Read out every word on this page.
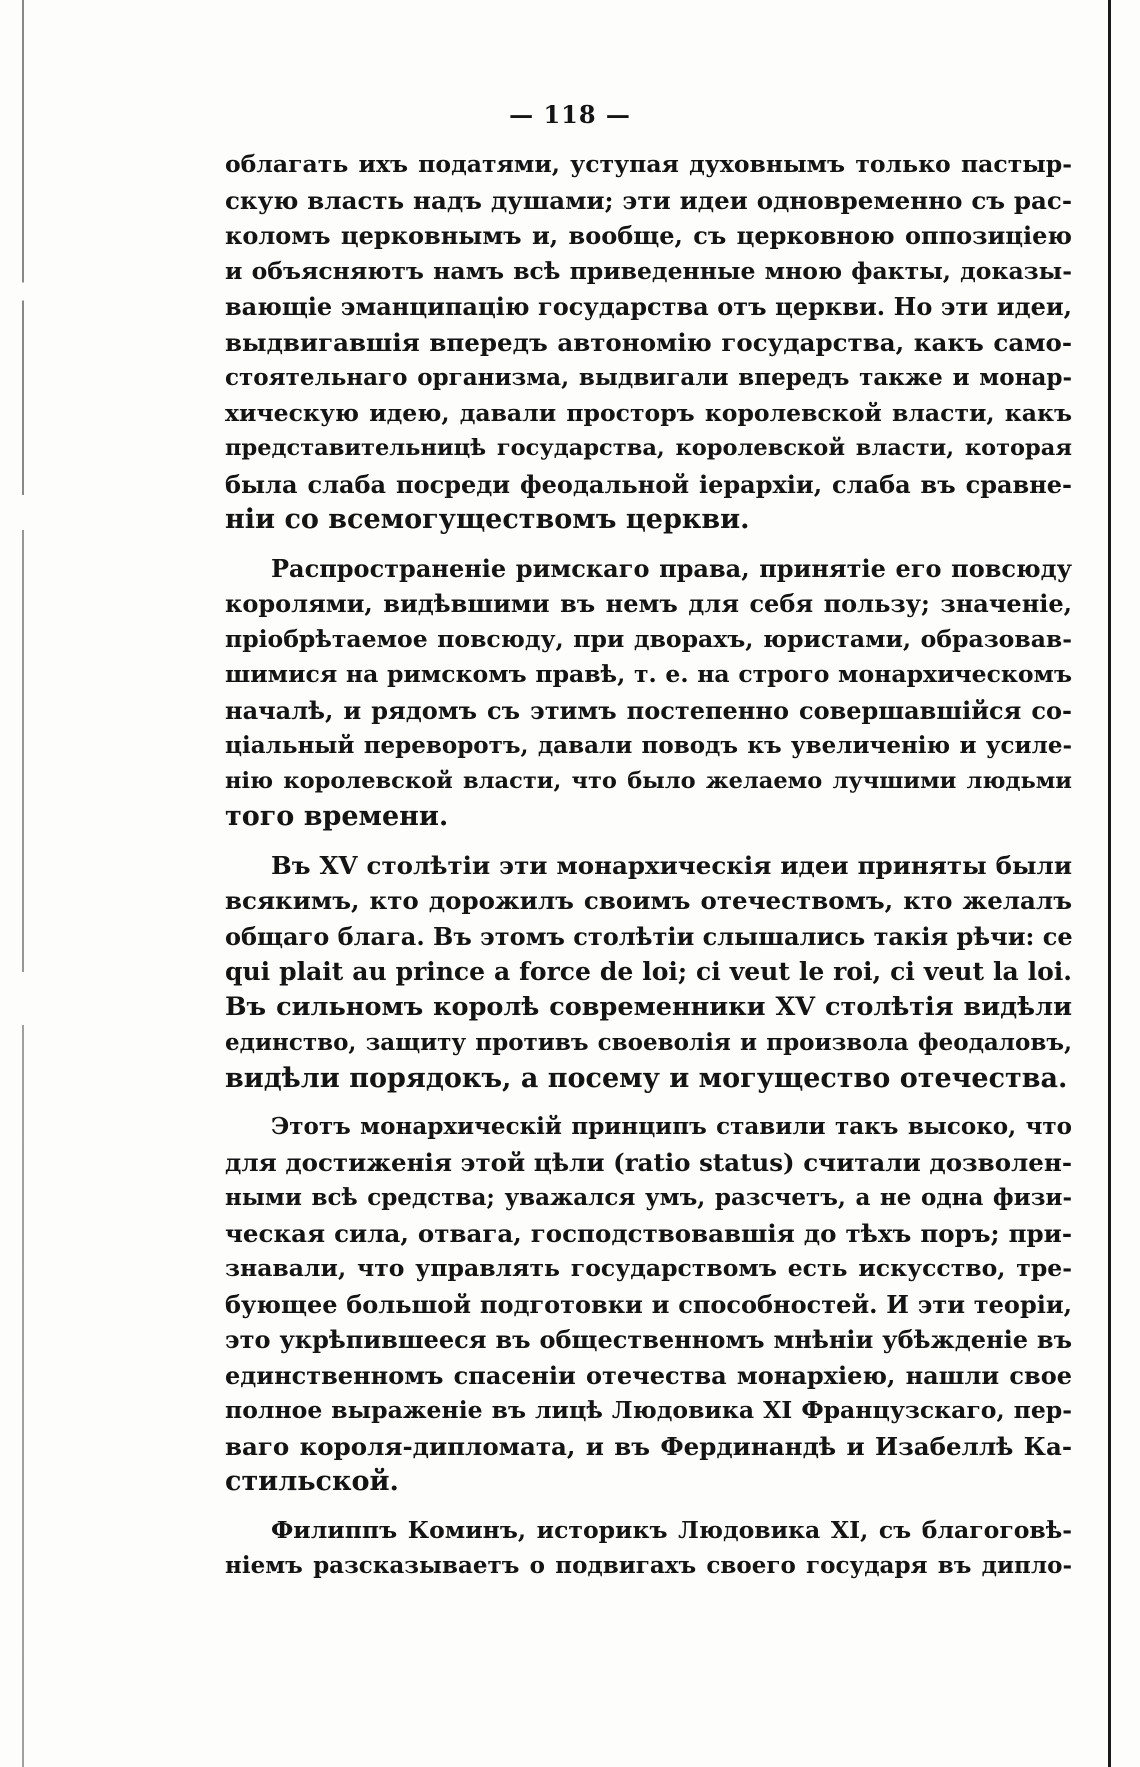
— 118 —
облагать ихъ податями, уступая духовнымъ только пастыр-
скую власть надъ душами; эти идеи одновременно съ рас-
коломъ церковнымъ и, вообще, съ церковною оппозиціею
и объясняютъ намъ всѣ приведенные мною факты, доказы-
вающіе эманципацію государства отъ церкви. Но эти идеи,
выдвигавшія впередъ автономію государства, какъ само-
стоятельнаго организма, выдвигали впередъ также и монар-
хическую идею, давали просторъ королевской власти, какъ
представительницѣ государства, королевской власти, которая
была слаба посреди феодальной іерархіи, слаба въ сравне-
ніи со всемогуществомъ церкви.
Распространеніе римскаго права, принятіе его повсюду
королями, видѣвшими въ немъ для себя пользу; значеніе,
пріобрѣтаемое повсюду, при дворахъ, юристами, образовав-
шимися на римскомъ правѣ, т. е. на строго монархическомъ
началѣ, и рядомъ съ этимъ постепенно совершавшійся со-
ціальный переворотъ, давали поводъ къ увеличенію и усиле-
нію королевской власти, что было желаемо лучшими людьми
того времени.
Въ XV столѣтіи эти монархическія идеи приняты были
всякимъ, кто дорожилъ своимъ отечествомъ, кто желалъ
общаго блага. Въ этомъ столѣтіи слышались такія рѣчи: ce
qui plait au prince a force de loi; ci veut le roi, ci veut la loi.
Въ сильномъ королѣ современники XV столѣтія видѣли
единство, защиту противъ своеволія и произвола феодаловъ,
видѣли порядокъ, а посему и могущество отечества.
Этотъ монархическій принципъ ставили такъ высоко, что
для достиженія этой цѣли (ratio status) считали дозволен-
ными всѣ средства; уважался умъ, разсчетъ, а не одна физи-
ческая сила, отвага, господствовавшія до тѣхъ поръ; при-
знавали, что управлять государствомъ есть искусство, тре-
бующее большой подготовки и способностей. И эти теоріи,
это укрѣпившееся въ общественномъ мнѣніи убѣжденіе въ
единственномъ спасеніи отечества монархіею, нашли свое
полное выраженіе въ лицѣ Людовика XI Французскаго, пер-
ваго короля-дипломата, и въ Фердинандѣ и Изабеллѣ Ка-
стильской.
Филиппъ Коминъ, историкъ Людовика XI, съ благоговѣ-
ніемъ разсказываетъ о подвигахъ своего государя въ дипло-
